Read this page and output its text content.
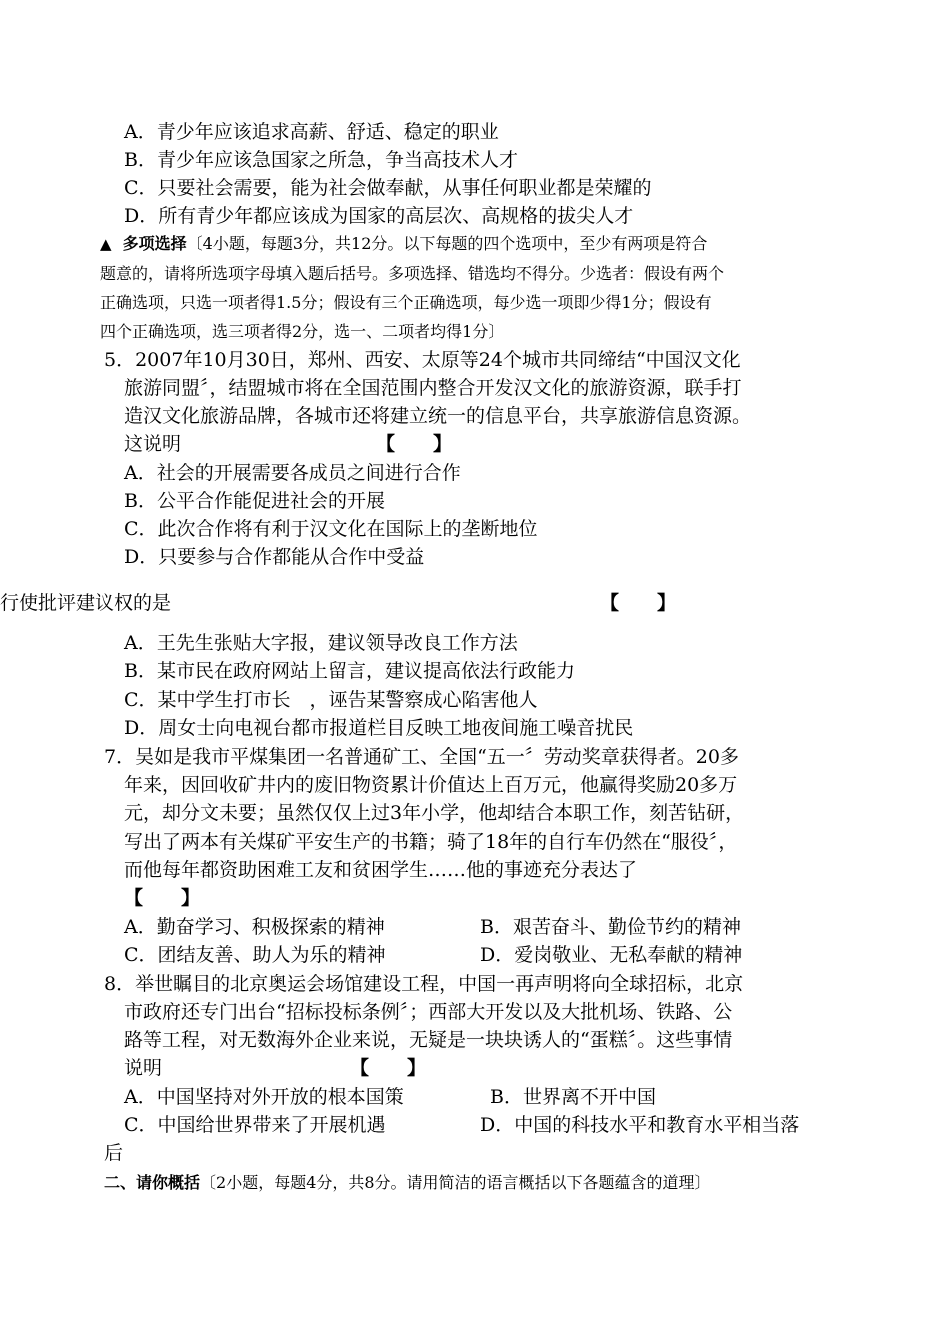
A．青少年应该追求高薪、舒适、稳定的职业
B．青少年应该急国家之所急，争当高技术人才
C．只要社会需要，能为社会做奉献，从事任何职业都是荣耀的
D．所有青少年都应该成为国家的高层次、高规格的拔尖人才
▲ 多项选择〔4小题，每题3分，共12分。以下每题的四个选项中，至少有两项是符合
题意的，请将所选项字母填入题后括号。多项选择、错选均不得分。少选者：假设有两个
正确选项，只选一项者得1.5分；假设有三个正确选项，每少选一项即少得1分；假设有
四个正确选项，选三项者得2分，选一、二项者均得1分〕
5．2007年10月30日，郑州、西安、太原等24个城市共同缔结“中国汉文化
旅游同盟〞，结盟城市将在全国范围内整合开发汉文化的旅游资源，联手打
造汉文化旅游品牌，各城市还将建立统一的信息平台，共享旅游信息资源。
这说明	【　　】
A．社会的开展需要各成员之间进行合作
B．公平合作能促进社会的开展
C．此次合作将有利于汉文化在国际上的垄断地位
D．只要参与合作都能从合作中受益
行使批评建议权的是	【　　】
A．王先生张贴大字报，建议领导改良工作方法
B．某市民在政府网站上留言，建议提高依法行政能力
C．某中学生打市长　，诬告某警察成心陷害他人
D．周女士向电视台都市报道栏目反映工地夜间施工噪音扰民
7．吴如是我市平煤集团一名普通矿工、全国“五一〞劳动奖章获得者。20多
年来，因回收矿井内的废旧物资累计价值达上百万元，他赢得奖励20多万
元，却分文未要；虽然仅仅上过3年小学，他却结合本职工作，刻苦钻研，
写出了两本有关煤矿平安生产的书籍；骑了18年的自行车仍然在“服役〞，
而他每年都资助困难工友和贫困学生……他的事迹充分表达了
【　　】
A．勤奋学习、积极探索的精神	B．艰苦奋斗、勤俭节约的精神
C．团结友善、助人为乐的精神	D．爱岗敬业、无私奉献的精神
8．举世瞩目的北京奥运会场馆建设工程，中国一再声明将向全球招标，北京
市政府还专门出台“招标投标条例〞；西部大开发以及大批机场、铁路、公
路等工程，对无数海外企业来说，无疑是一块块诱人的“蛋糕〞。这些事情
说明	【　　】
A．中国坚持对外开放的根本国策	B．世界离不开中国
C．中国给世界带来了开展机遇	D．中国的科技水平和教育水平相当落
后
二、请你概括〔2小题，每题4分，共8分。请用简洁的语言概括以下各题蕴含的道理〕
